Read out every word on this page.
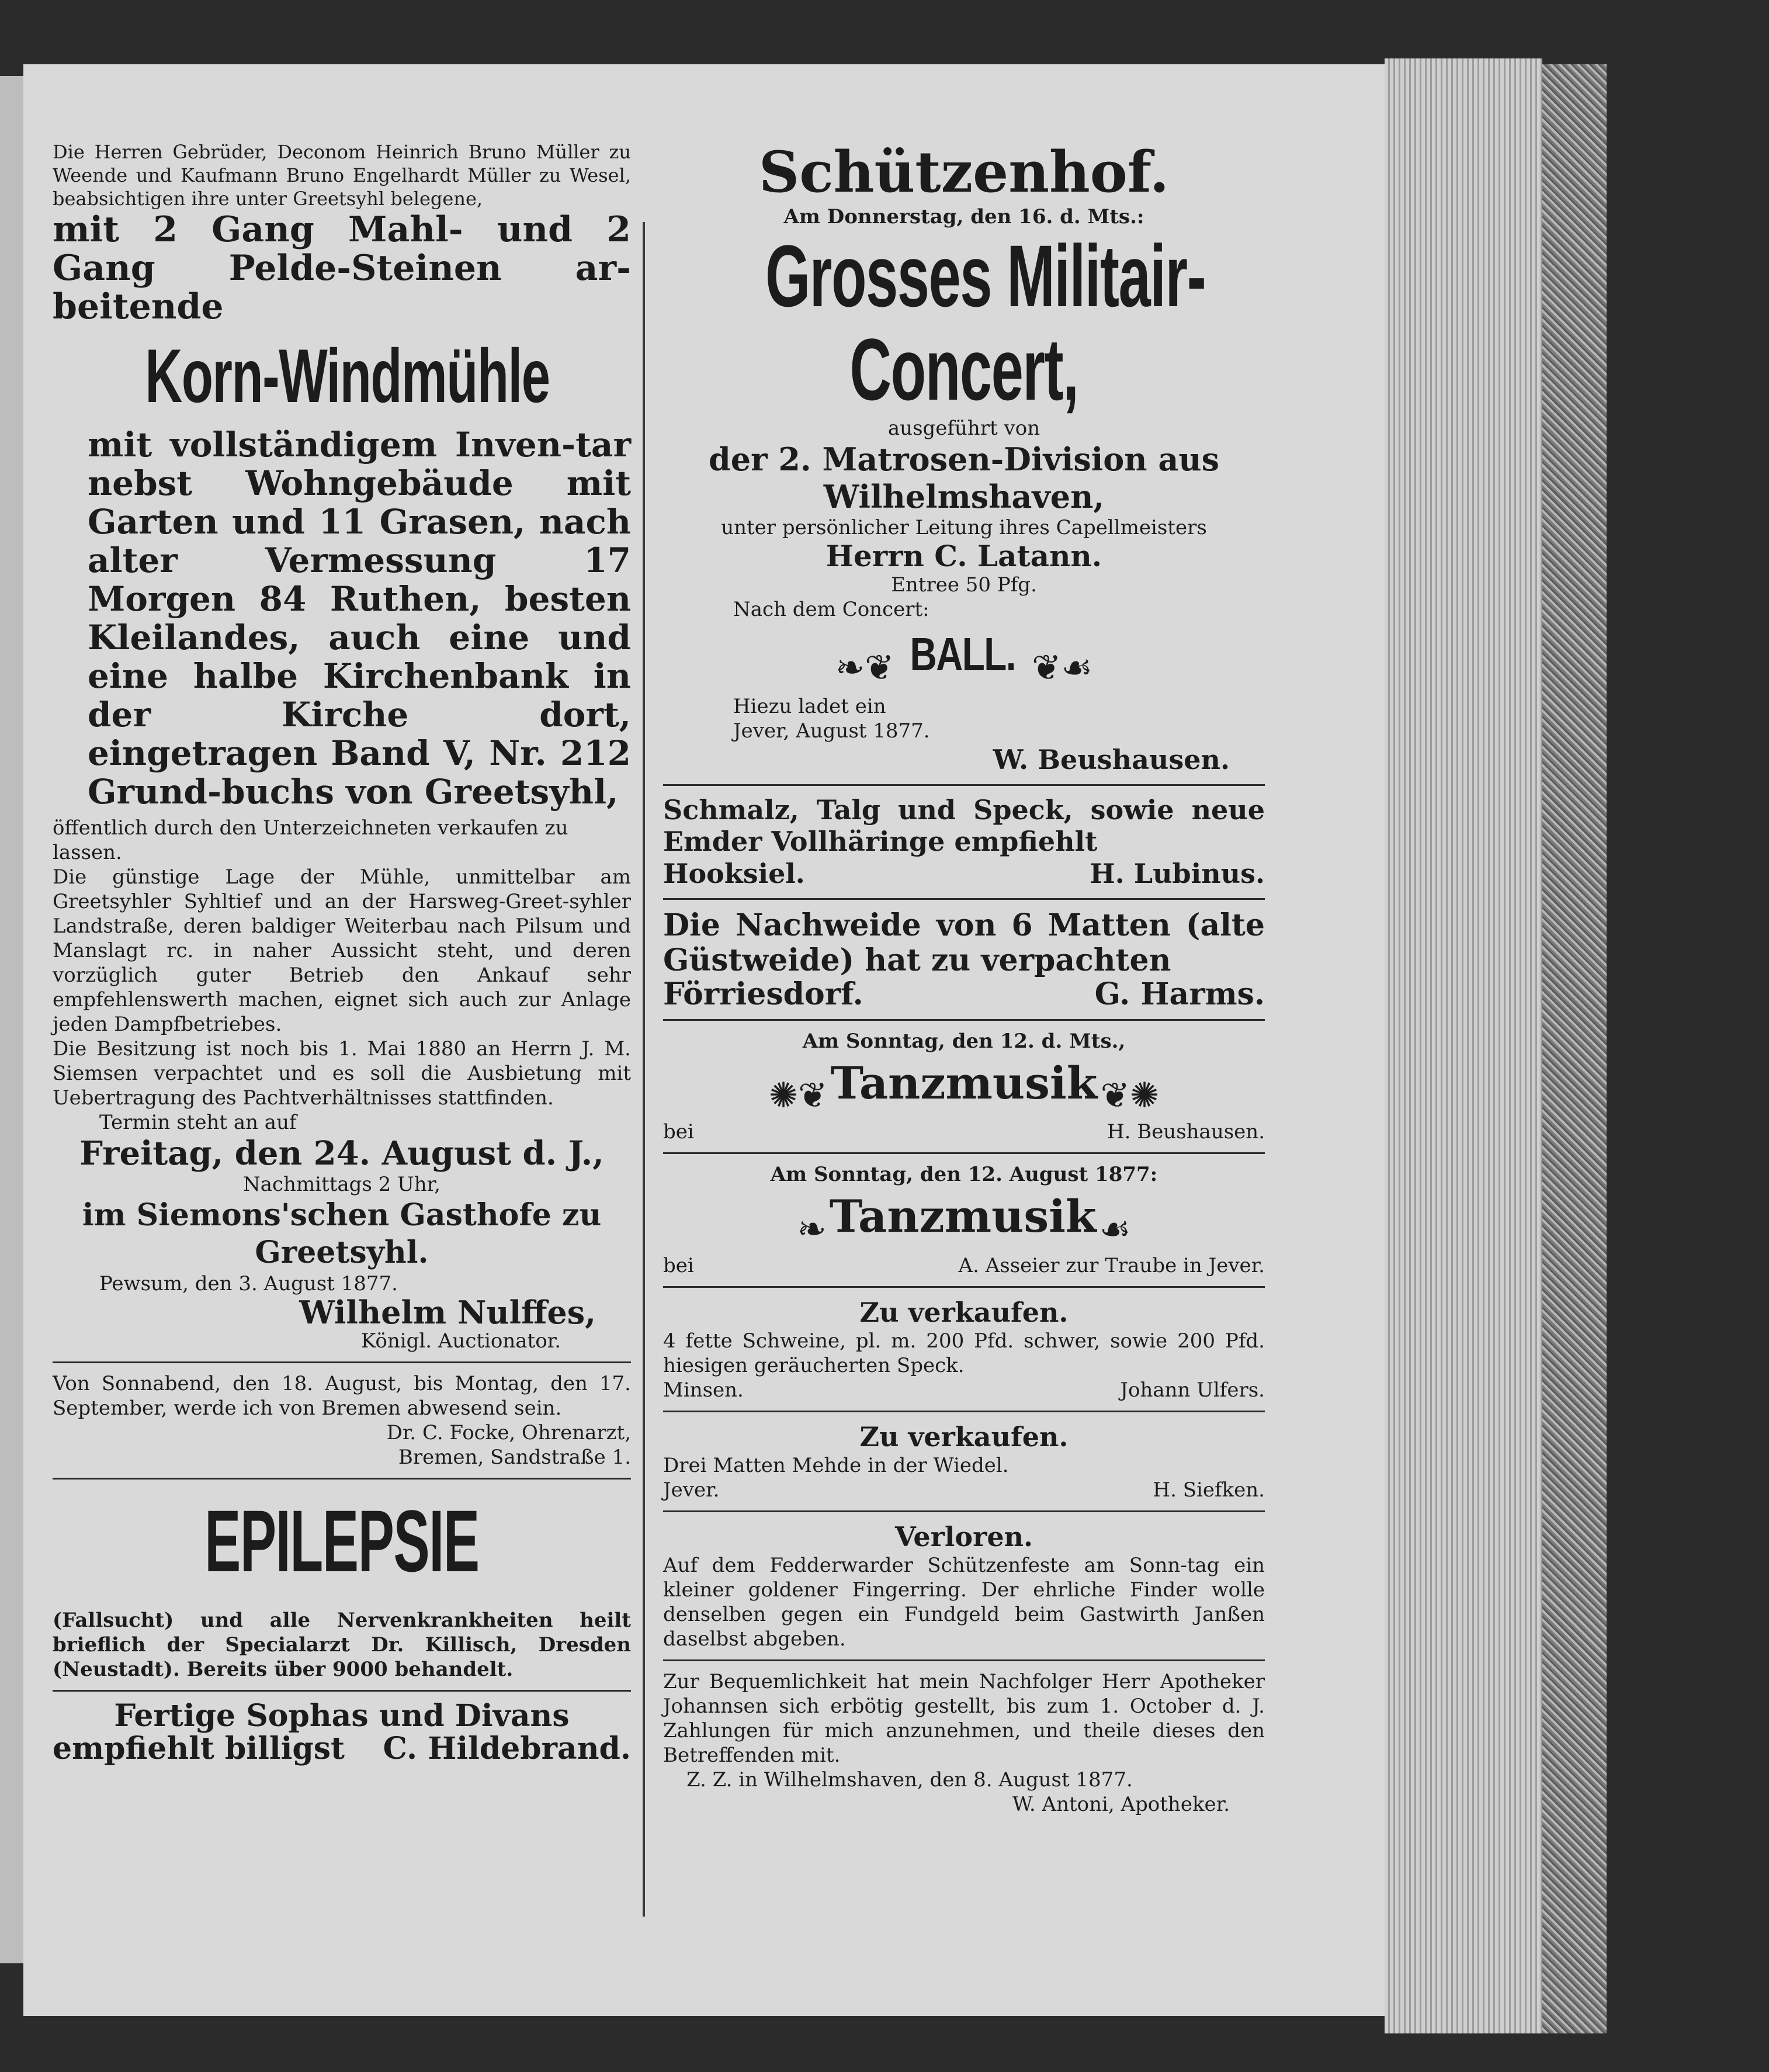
Die Herren Gebrüder, Deconom Heinrich Bruno Müller zu Weende und Kaufmann Bruno Engelhardt Müller zu Wesel, beabsichtigen ihre unter Greetsyhl belegene,

mit 2 Gang Mahl- und 2 Gang Pelde-Steinen ar-beitende

Korn-Windmühle

mit vollständigem Inven-tar nebst Wohngebäude mit Garten und 11 Grasen, nach alter Vermessung 17 Morgen 84 Ruthen, besten Kleilandes, auch eine und eine halbe Kirchenbank in der Kirche dort, eingetragen Band V, Nr. 212 Grund-buchs von Greetsyhl,

öffentlich durch den Unterzeichneten verkaufen zu lassen.

Die günstige Lage der Mühle, unmittelbar am Greetsyhler Syhltief und an der Harsweg-Greet-syhler Landstraße, deren baldiger Weiterbau nach Pilsum und Manslagt rc. in naher Aussicht steht, und deren vorzüglich guter Betrieb den Ankauf sehr empfehlenswerth machen, eignet sich auch zur Anlage jeden Dampfbetriebes.

Die Besitzung ist noch bis 1. Mai 1880 an Herrn J. M. Siemsen verpachtet und es soll die Ausbietung mit Uebertragung des Pachtverhältnisses stattfinden.

Termin steht an auf

Freitag, den 24. August d. J.,

Nachmittags 2 Uhr,

im Siemons'schen Gasthofe zu Greetsyhl.

Pewsum, den 3. August 1877.

Wilhelm Nulffes,

Königl. Auctionator.

Von Sonnabend, den 18. August, bis Montag, den 17. September, werde ich von Bremen abwesend sein.

Dr. C. Focke, Ohrenarzt,

Bremen, Sandstraße 1.

EPILEPSIE

(Fallsucht) und alle Nervenkrankheiten heilt brieflich der Specialarzt Dr. Killisch, Dresden (Neustadt). Bereits über 9000 behandelt.

Fertige Sophas und Divans

empfiehlt billigst C. Hildebrand.

Schützenhof.

Am Donnerstag, den 16. d. Mts.:

Grosses Militair-
Concert,

ausgeführt von

der 2. Matrosen-Division aus Wilhelmshaven,

unter persönlicher Leitung ihres Capellmeisters

Herrn C. Latann.

Entree 50 Pfg.

Nach dem Concert:

❧❦ BALL. ❦☙

Hiezu ladet ein

Jever, August 1877.

W. Beushausen.

Schmalz, Talg und Speck, sowie neue Emder Vollhäringe empfiehlt

Hooksiel.	H. Lubinus.

Die Nachweide von 6 Matten (alte Güstweide) hat zu verpachten

Förriesdorf.	G. Harms.

Am Sonntag, den 12. d. Mts.,

✺❦ Tanzmusik ❦✺
bei	H. Beushausen.

Am Sonntag, den 12. August 1877:

❧ Tanzmusik ☙
bei	A. Asseier zur Traube in Jever.

Zu verkaufen.

4 fette Schweine, pl. m. 200 Pfd. schwer, sowie 200 Pfd. hiesigen geräucherten Speck.

Minsen.	Johann Ulfers.

Zu verkaufen.

Drei Matten Mehde in der Wiedel.

Jever.	H. Siefken.

Verloren.

Auf dem Fedderwarder Schützenfeste am Sonn-tag ein kleiner goldener Fingerring. Der ehrliche Finder wolle denselben gegen ein Fundgeld beim Gastwirth Janßen daselbst abgeben.

Zur Bequemlichkeit hat mein Nachfolger Herr Apotheker Johannsen sich erbötig gestellt, bis zum 1. October d. J. Zahlungen für mich anzunehmen, und theile dieses den Betreffenden mit.

Z. Z. in Wilhelmshaven, den 8. August 1877.

W. Antoni, Apotheker.
